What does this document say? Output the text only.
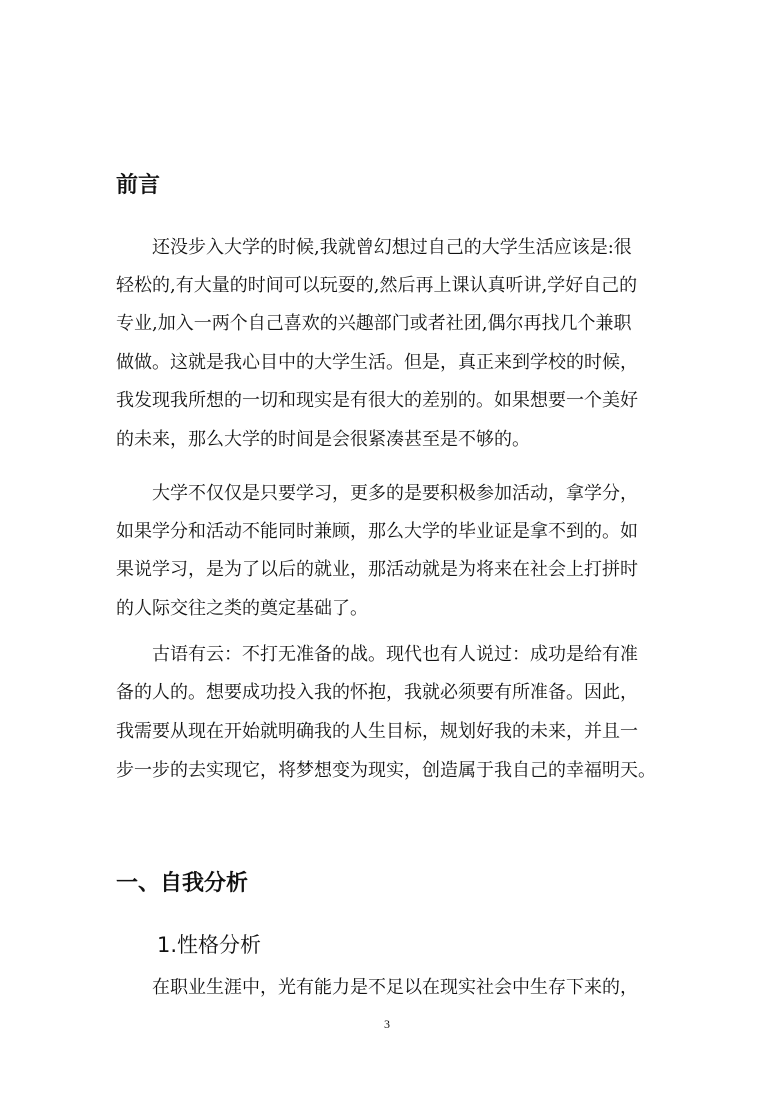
前言

　　还没步入大学的时候,我就曾幻想过自己的大学生活应该是:很

轻松的,有大量的时间可以玩耍的,然后再上课认真听讲,学好自己的

专业,加入一两个自己喜欢的兴趣部门或者社团,偶尔再找几个兼职

做做。这就是我心目中的大学生活。但是，真正来到学校的时候，

我发现我所想的一切和现实是有很大的差别的。如果想要一个美好

的未来，那么大学的时间是会很紧凑甚至是不够的。

　　大学不仅仅是只要学习，更多的是要积极参加活动，拿学分，

如果学分和活动不能同时兼顾，那么大学的毕业证是拿不到的。如

果说学习，是为了以后的就业，那活动就是为将来在社会上打拼时

的人际交往之类的奠定基础了。

　　古语有云：不打无准备的战。现代也有人说过：成功是给有准

备的人的。想要成功投入我的怀抱，我就必须要有所准备。因此，

我需要从现在开始就明确我的人生目标，规划好我的未来，并且一

步一步的去实现它，将梦想变为现实，创造属于我自己的幸福明天。

一、自我分析
1.性格分析

　　在职业生涯中，光有能力是不足以在现实社会中生存下来的，

3
